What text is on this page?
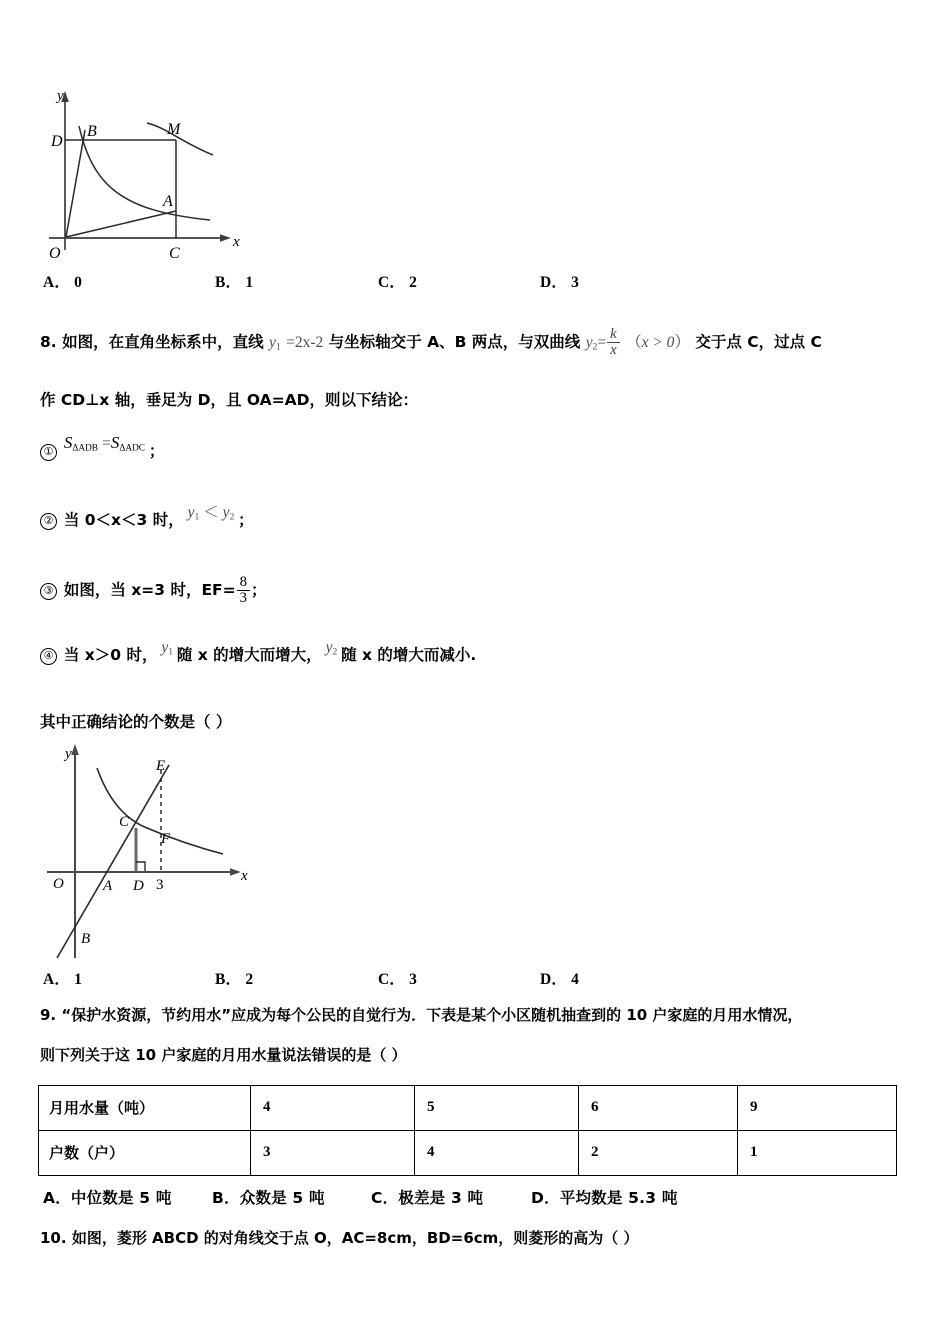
D
B	M
A
O	C
y
x
A． 0	B． 1	C． 2	D． 3
8. 如图，在直角坐标系中，直线 $y_1$ =2x‑2 与坐标轴交于 A、B 两点，与双曲线 $y_2= \frac{k}{x} (x > 0)$ 交于点 C，过点 C
作 CD⊥x 轴，垂足为 D，且 OA=AD，则以下结论：
① $S_{\Delta ADB} =S_{\Delta ADC}$ ；
② 当 0＜x＜3 时， $y_1 < y_2$ ；
③ 如图，当 x=3 时，$EF= \frac{8}{3}$ ；
④ 当 x＞0 时， $y_1$ 随 x 的增大而增大， $y_2$ 随 x 的增大而减小.
其中正确结论的个数是（ ）
O	A D 3
C
F
E
B
y
x
A． 1	B． 2	C． 3	D． 4
9. “保护水资源，节约用水”应成为每个公民的自觉行为．下表是某个小区随机抽查到的 10 户家庭的月用水情况，
则下列关于这 10 户家庭的月用水量说法错误的是（ ）
月用水量（吨）	4	5	6	9
户数（户）	3	4	2	1
A．中位数是 5 吨	B．众数是 5 吨	C．极差是 3 吨	D．平均数是 5.3 吨
10. 如图，菱形 ABCD 的对角线交于点 O，AC=8cm，BD=6cm，则菱形的高为（ ）
